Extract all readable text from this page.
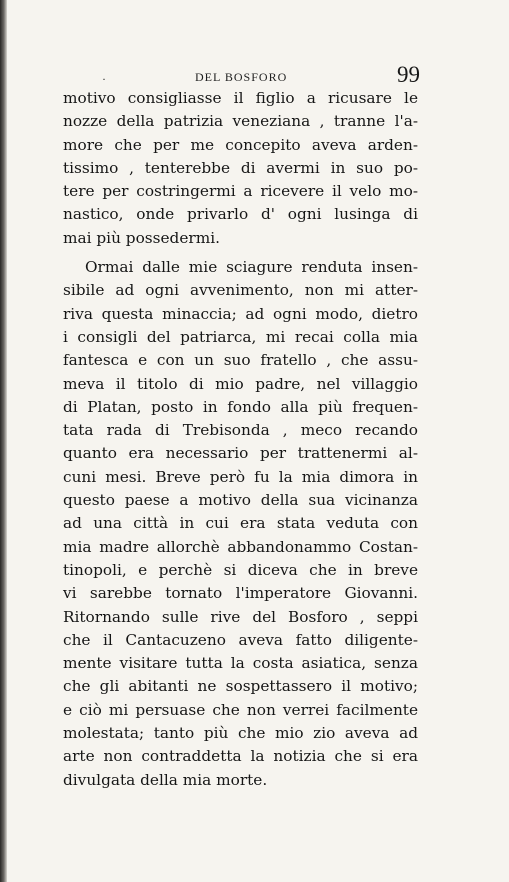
·	DEL BOSFORO	99
motivo consigliasse il figlio a ricusare le
nozze della patrizia veneziana , tranne l'a-
more che per me concepito aveva arden-
tissimo , tenterebbe di avermi in suo po-
tere per costringermi a ricevere il velo mo-
nastico, onde privarlo d' ogni lusinga di
mai più possedermi.
Ormai dalle mie sciagure renduta insen-
sibile ad ogni avvenimento, non mi atter-
riva questa minaccia; ad ogni modo, dietro
i consigli del patriarca, mi recai colla mia
fantesca e con un suo fratello , che assu-
meva il titolo di mio padre, nel villaggio
di Platan, posto in fondo alla più frequen-
tata rada di Trebisonda , meco recando
quanto era necessario per trattenermi al-
cuni mesi. Breve però fu la mia dimora in
questo paese a motivo della sua vicinanza
ad una città in cui era stata veduta con
mia madre allorchè abbandonammo Costan-
tinopoli, e perchè si diceva che in breve
vi sarebbe tornato l'imperatore Giovanni.
Ritornando sulle rive del Bosforo , seppi
che il Cantacuzeno aveva fatto diligente-
mente visitare tutta la costa asiatica, senza
che gli abitanti ne sospettassero il motivo;
e ciò mi persuase che non verrei facilmente
molestata; tanto più che mio zio aveva ad
arte non contraddetta la notizia che si era
divulgata della mia morte.
